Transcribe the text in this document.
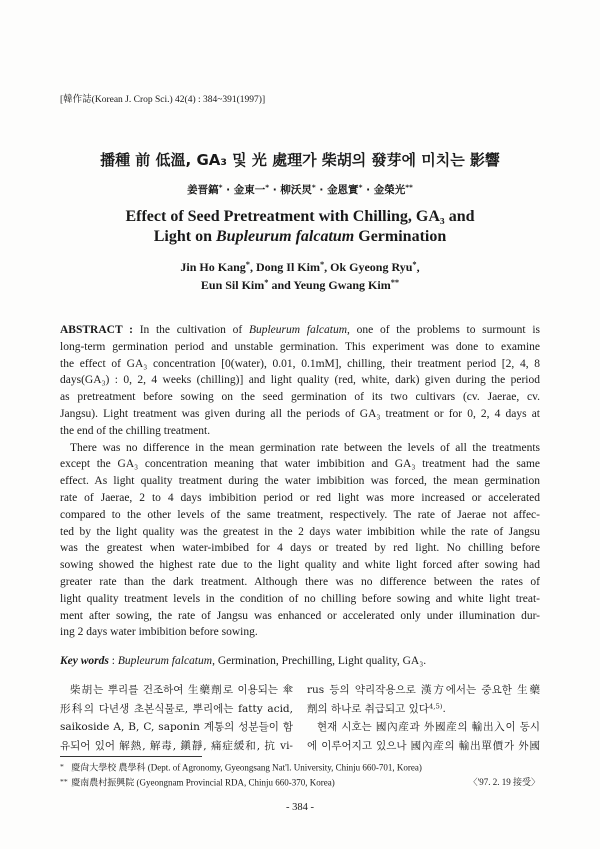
[韓作誌(Korean J. Crop Sci.) 42(4) : 384~391(1997)]
播種 前 低溫, GA₃ 및 光 處理가 柴胡의 發芽에 미치는 影響
姜晋鎬* · 金東一* · 柳沃炅* · 金恩實* · 金榮光**
Effect of Seed Pretreatment with Chilling, GA₃ and
Light on Bupleurum falcatum Germination
Jin Ho Kang*, Dong Il Kim*, Ok Gyeong Ryu*,
Eun Sil Kim* and Yeung Gwang Kim**
ABSTRACT : In the cultivation of Bupleurum falcatum, one of the problems to surmount is
long-term germination period and unstable germination. This experiment was done to examine
the effect of GA₃ concentration [0(water), 0.01, 0.1mM], chilling, their treatment period [2, 4, 8
days(GA₃) : 0, 2, 4 weeks (chilling)] and light quality (red, white, dark) given during the period
as pretreatment before sowing on the seed germination of its two cultivars (cv. Jaerae, cv.
Jangsu). Light treatment was given during all the periods of GA₃ treatment or for 0, 2, 4 days at
the end of the chilling treatment.
There was no difference in the mean germination rate between the levels of all the treatments
except the GA₃ concentration meaning that water imbibition and GA₃ treatment had the same
effect. As light quality treatment during the water imbibition was forced, the mean germination
rate of Jaerae, 2 to 4 days imbibition period or red light was more increased or accelerated
compared to the other levels of the same treatment, respectively. The rate of Jaerae not affec-
ted by the light quality was the greatest in the 2 days water imbibition while the rate of Jangsu
was the greatest when water-imbibed for 4 days or treated by red light. No chilling before
sowing showed the highest rate due to the light quality and white light forced after sowing had
greater rate than the dark treatment. Although there was no difference between the rates of
light quality treatment levels in the condition of no chilling before sowing and white light treat-
ment after sowing, the rate of Jangsu was enhanced or accelerated only under illumination dur-
ing 2 days water imbibition before sowing.
Key words : Bupleurum falcatum, Germination, Prechilling, Light quality, GA₃.
柴胡는 뿌리를 건조하여 生藥劑로 이용되는 傘
形科의 다년생 초본식물로, 뿌리에는 fatty acid,
saikoside A, B, C, saponin 계통의 성분들이 함
유되어 있어 解熱, 解毒, 鎭靜, 痛症緩和, 抗 vi-
rus 등의 약리작용으로 漢方에서는 중요한 生藥
劑의 하나로 취급되고 있다$^{4,5)}$.
현재 시호는 國內産과 外國産의 輸出入이 동시
에 이루어지고 있으나 國內産의 輸出單價가 外國
* 慶尙大學校 農學科 (Dept. of Agronomy, Gyeongsang Nat'l. University, Chinju 660-701, Korea)
** 慶南農村振興院 (Gyeongnam Provincial RDA, Chinju 660-370, Korea)	〈'97. 2. 19 接受〉
- 384 -
